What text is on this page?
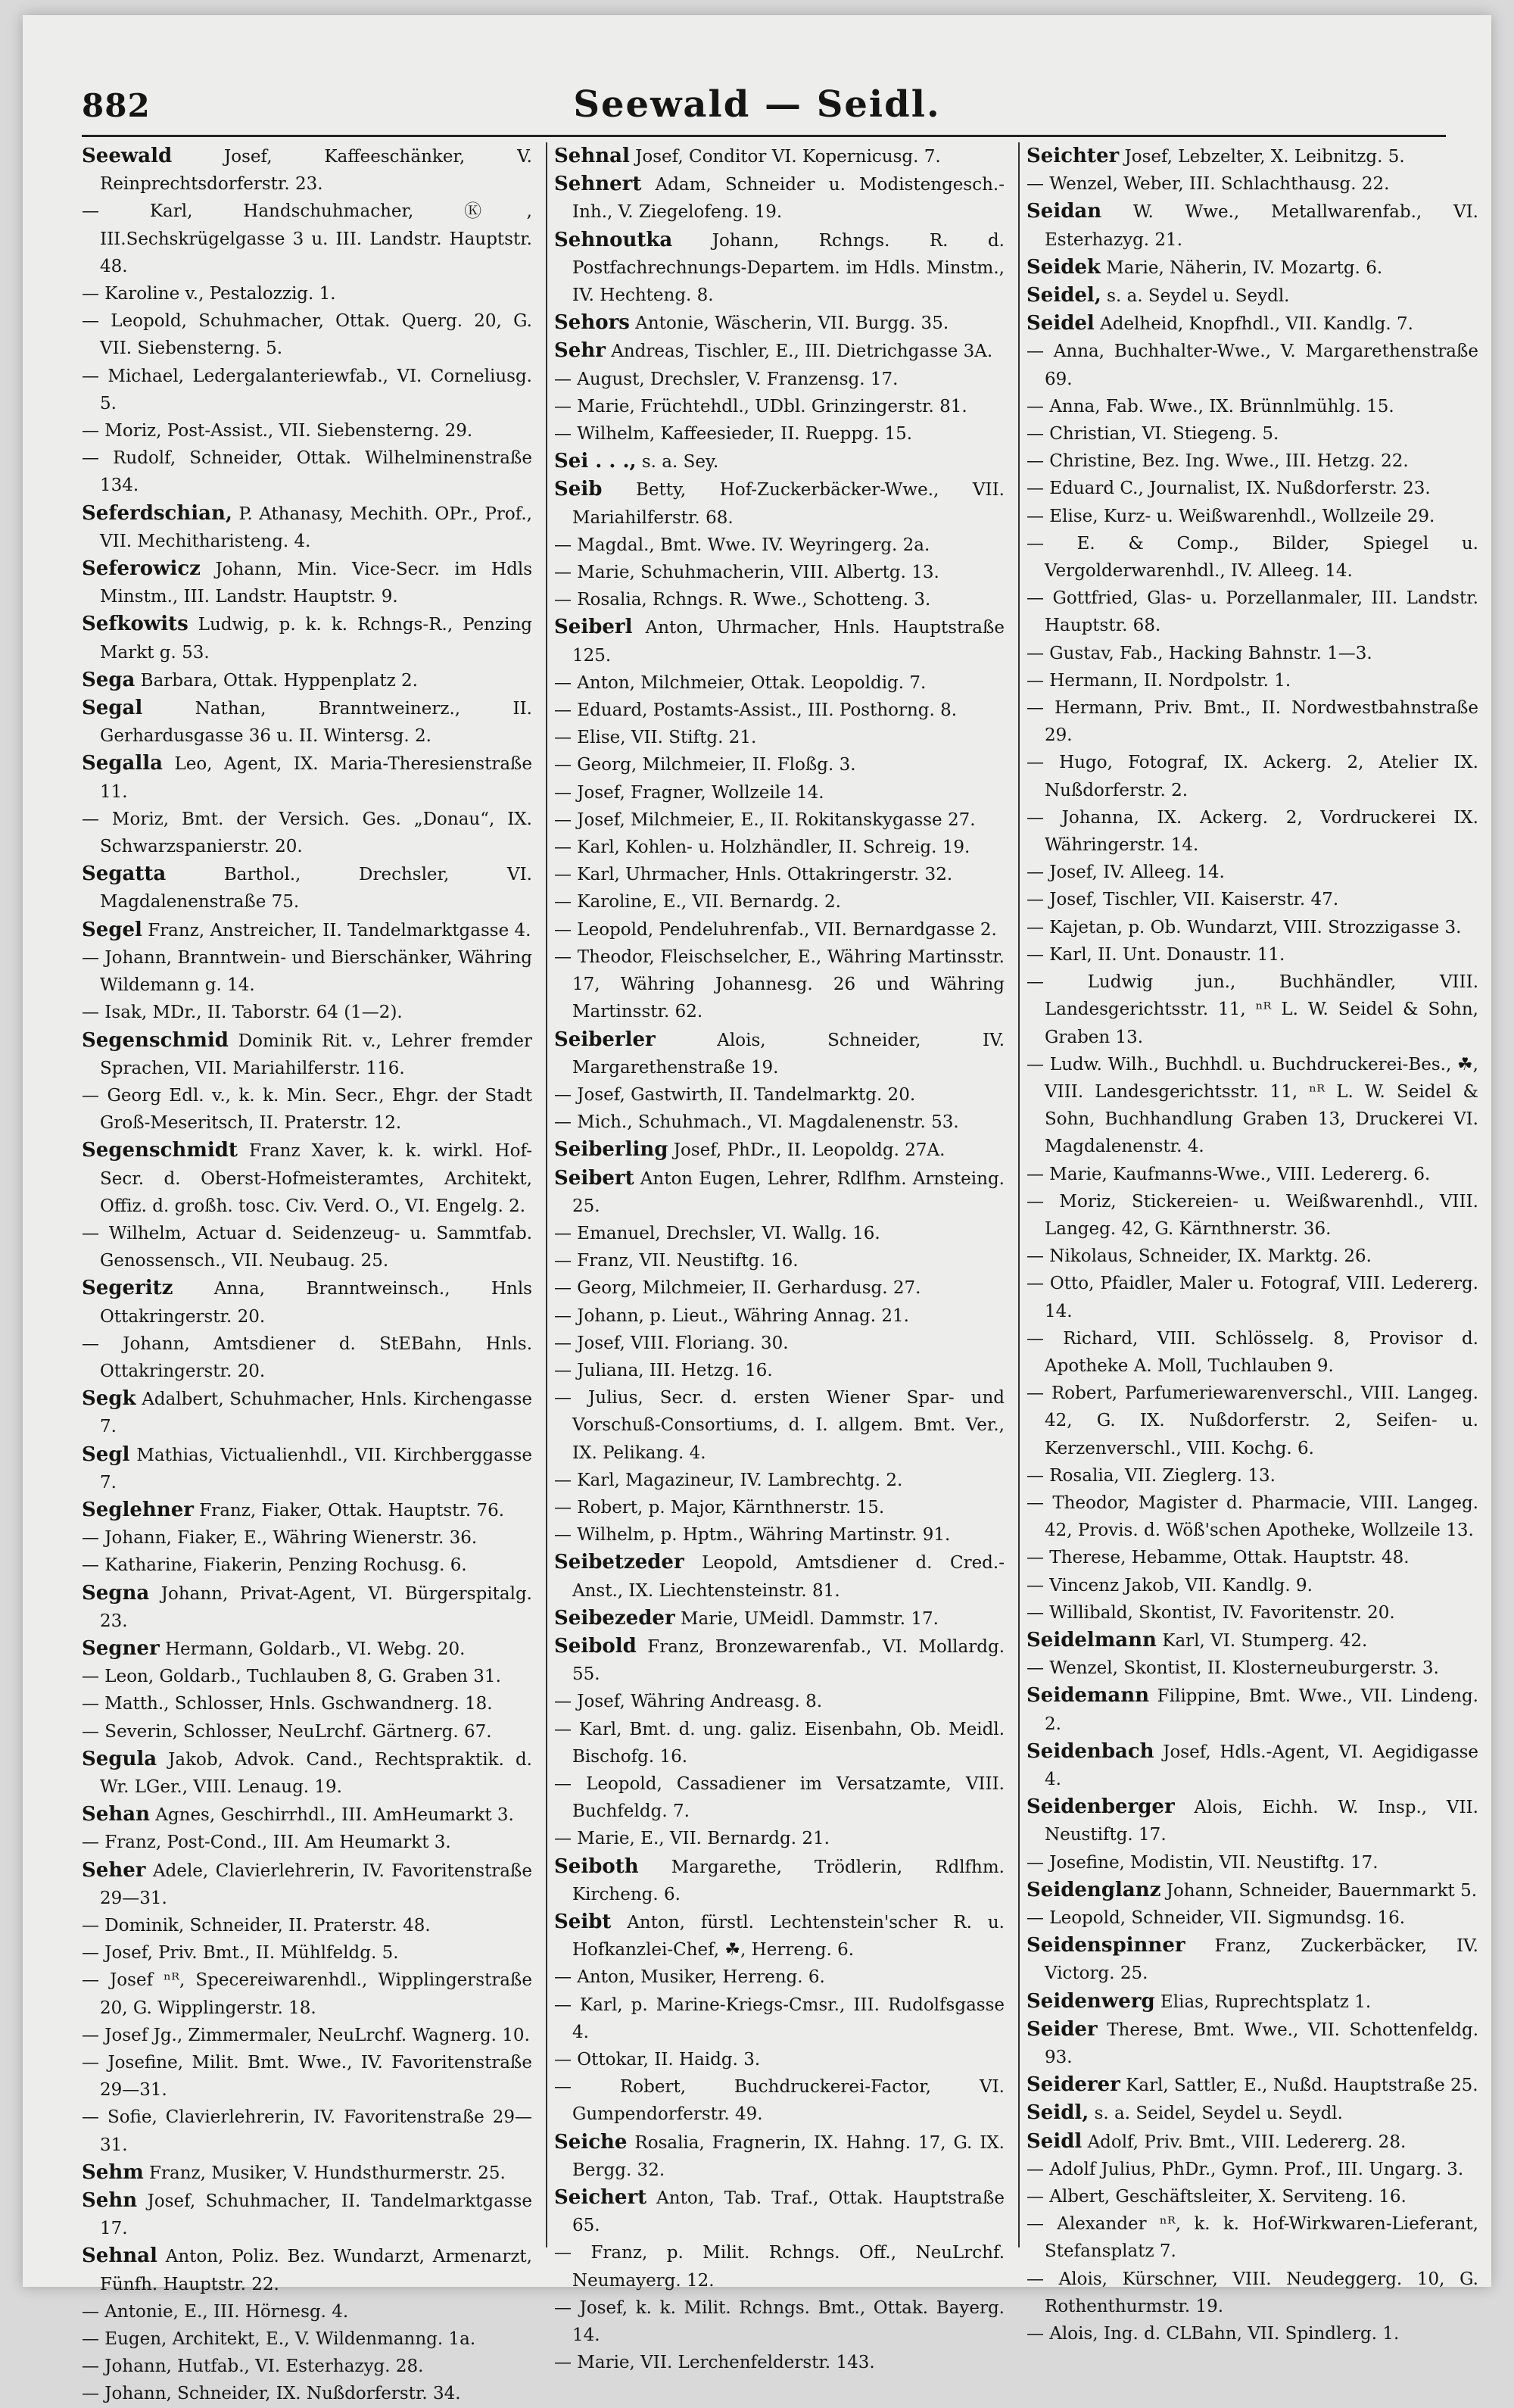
882	Seewald — Seidl.
Seewald Josef, Kaffeeschänker, V. Reinprechtsdorferstr. 23.
— Karl, Handschuhmacher, Ⓚ, III.Sechskrügelgasse 3 u. III. Landstr. Hauptstr. 48.
— Karoline v., Pestalozzig. 1.
— Leopold, Schuhmacher, Ottak. Querg. 20, G. VII. Siebensterng. 5.
— Michael, Ledergalanteriewfab., VI. Corneliusg. 5.
— Moriz, Post-Assist., VII. Siebensterng. 29.
— Rudolf, Schneider, Ottak. Wilhelminenstraße 134.
Seferdschian, P. Athanasy, Mechith. OPr., Prof., VII. Mechitharisteng. 4.
Seferowicz Johann, Min. Vice-Secr. im Hdls Minstm., III. Landstr. Hauptstr. 9.
Sefkowits Ludwig, p. k. k. Rchngs-R., Penzing Markt g. 53.
Sega Barbara, Ottak. Hyppenplatz 2.
Segal Nathan, Branntweinerz., II. Gerhardusgasse 36 u. II. Wintersg. 2.
Segalla Leo, Agent, IX. Maria-Theresienstraße 11.
— Moriz, Bmt. der Versich. Ges. „Donau“, IX. Schwarzspanierstr. 20.
Segatta Barthol., Drechsler, VI. Magdalenenstraße 75.
Segel Franz, Anstreicher, II. Tandelmarktgasse 4.
— Johann, Branntwein- und Bierschänker, Währing Wildemann g. 14.
— Isak, MDr., II. Taborstr. 64 (1—2).
Segenschmid Dominik Rit. v., Lehrer fremder Sprachen, VII. Mariahilferstr. 116.
— Georg Edl. v., k. k. Min. Secr., Ehgr. der Stadt Groß-Meseritsch, II. Praterstr. 12.
Segenschmidt Franz Xaver, k. k. wirkl. Hof-Secr. d. Oberst-Hofmeisteramtes, Architekt, Offiz. d. großh. tosc. Civ. Verd. O., VI. Engelg. 2.
— Wilhelm, Actuar d. Seidenzeug- u. Sammtfab. Genossensch., VII. Neubaug. 25.
Segeritz Anna, Branntweinsch., Hnls Ottakringerstr. 20.
— Johann, Amtsdiener d. StEBahn, Hnls. Ottakringerstr. 20.
Segk Adalbert, Schuhmacher, Hnls. Kirchengasse 7.
Segl Mathias, Victualienhdl., VII. Kirchberggasse 7.
Seglehner Franz, Fiaker, Ottak. Hauptstr. 76.
— Johann, Fiaker, E., Währing Wienerstr. 36.
— Katharine, Fiakerin, Penzing Rochusg. 6.
Segna Johann, Privat-Agent, VI. Bürgerspitalg. 23.
Segner Hermann, Goldarb., VI. Webg. 20.
— Leon, Goldarb., Tuchlauben 8, G. Graben 31.
— Matth., Schlosser, Hnls. Gschwandnerg. 18.
— Severin, Schlosser, NeuLrchf. Gärtnerg. 67.
Segula Jakob, Advok. Cand., Rechtspraktik. d. Wr. LGer., VIII. Lenaug. 19.
Sehan Agnes, Geschirrhdl., III. AmHeumarkt 3.
— Franz, Post-Cond., III. Am Heumarkt 3.
Seher Adele, Clavierlehrerin, IV. Favoritenstraße 29—31.
— Dominik, Schneider, II. Praterstr. 48.
— Josef, Priv. Bmt., II. Mühlfeldg. 5.
— Josef ⁿᴿ, Specereiwarenhdl., Wipplingerstraße 20, G. Wipplingerstr. 18.
— Josef Jg., Zimmermaler, NeuLrchf. Wagnerg. 10.
— Josefine, Milit. Bmt. Wwe., IV. Favoritenstraße 29—31.
— Sofie, Clavierlehrerin, IV. Favoritenstraße 29—31.
Sehm Franz, Musiker, V. Hundsthurmerstr. 25.
Sehn Josef, Schuhmacher, II. Tandelmarktgasse 17.
Sehnal Anton, Poliz. Bez. Wundarzt, Armenarzt, Fünfh. Hauptstr. 22.
— Antonie, E., III. Hörnesg. 4.
— Eugen, Architekt, E., V. Wildenmanng. 1a.
— Johann, Hutfab., VI. Esterhazyg. 28.
— Johann, Schneider, IX. Nußdorferstr. 34.
Sehnal Josef, Conditor VI. Kopernicusg. 7.
Sehnert Adam, Schneider u. Modistengesch.-Inh., V. Ziegelofeng. 19.
Sehnoutka Johann, Rchngs. R. d. Postfachrechnungs-Departem. im Hdls. Minstm., IV. Hechteng. 8.
Sehors Antonie, Wäscherin, VII. Burgg. 35.
Sehr Andreas, Tischler, E., III. Dietrichgasse 3A.
— August, Drechsler, V. Franzensg. 17.
— Marie, Früchtehdl., UDbl. Grinzingerstr. 81.
— Wilhelm, Kaffeesieder, II. Rueppg. 15.
Sei . . ., s. a. Sey.
Seib Betty, Hof-Zuckerbäcker-Wwe., VII. Mariahilferstr. 68.
— Magdal., Bmt. Wwe. IV. Weyringerg. 2a.
— Marie, Schuhmacherin, VIII. Albertg. 13.
— Rosalia, Rchngs. R. Wwe., Schotteng. 3.
Seiberl Anton, Uhrmacher, Hnls. Hauptstraße 125.
— Anton, Milchmeier, Ottak. Leopoldig. 7.
— Eduard, Postamts-Assist., III. Posthorng. 8.
— Elise, VII. Stiftg. 21.
— Georg, Milchmeier, II. Floßg. 3.
— Josef, Fragner, Wollzeile 14.
— Josef, Milchmeier, E., II. Rokitanskygasse 27.
— Karl, Kohlen- u. Holzhändler, II. Schreig. 19.
— Karl, Uhrmacher, Hnls. Ottakringerstr. 32.
— Karoline, E., VII. Bernardg. 2.
— Leopold, Pendeluhrenfab., VII. Bernardgasse 2.
— Theodor, Fleischselcher, E., Währing Martinsstr. 17, Währing Johannesg. 26 und Währing Martinsstr. 62.
Seiberler Alois, Schneider, IV. Margarethenstraße 19.
— Josef, Gastwirth, II. Tandelmarktg. 20.
— Mich., Schuhmach., VI. Magdalenenstr. 53.
Seiberling Josef, PhDr., II. Leopoldg. 27A.
Seibert Anton Eugen, Lehrer, Rdlfhm. Arnsteing. 25.
— Emanuel, Drechsler, VI. Wallg. 16.
— Franz, VII. Neustiftg. 16.
— Georg, Milchmeier, II. Gerhardusg. 27.
— Johann, p. Lieut., Währing Annag. 21.
— Josef, VIII. Floriang. 30.
— Juliana, III. Hetzg. 16.
— Julius, Secr. d. ersten Wiener Spar- und Vorschuß-Consortiums, d. I. allgem. Bmt. Ver., IX. Pelikang. 4.
— Karl, Magazineur, IV. Lambrechtg. 2.
— Robert, p. Major, Kärnthnerstr. 15.
— Wilhelm, p. Hptm., Währing Martinstr. 91.
Seibetzeder Leopold, Amtsdiener d. Cred.-Anst., IX. Liechtensteinstr. 81.
Seibezeder Marie, UMeidl. Dammstr. 17.
Seibold Franz, Bronzewarenfab., VI. Mollardg. 55.
— Josef, Währing Andreasg. 8.
— Karl, Bmt. d. ung. galiz. Eisenbahn, Ob. Meidl. Bischofg. 16.
— Leopold, Cassadiener im Versatzamte, VIII. Buchfeldg. 7.
— Marie, E., VII. Bernardg. 21.
Seiboth Margarethe, Trödlerin, Rdlfhm. Kircheng. 6.
Seibt Anton, fürstl. Lechtenstein'scher R. u. Hofkanzlei-Chef, ☘, Herreng. 6.
— Anton, Musiker, Herreng. 6.
— Karl, p. Marine-Kriegs-Cmsr., III. Rudolfsgasse 4.
— Ottokar, II. Haidg. 3.
— Robert, Buchdruckerei-Factor, VI. Gumpendorferstr. 49.
Seiche Rosalia, Fragnerin, IX. Hahng. 17, G. IX. Bergg. 32.
Seichert Anton, Tab. Traf., Ottak. Hauptstraße 65.
— Franz, p. Milit. Rchngs. Off., NeuLrchf. Neumayerg. 12.
— Josef, k. k. Milit. Rchngs. Bmt., Ottak. Bayerg. 14.
— Marie, VII. Lerchenfelderstr. 143.
Seichter Josef, Lebzelter, X. Leibnitzg. 5.
— Wenzel, Weber, III. Schlachthausg. 22.
Seidan W. Wwe., Metallwarenfab., VI. Esterhazyg. 21.
Seidek Marie, Näherin, IV. Mozartg. 6.
Seidel, s. a. Seydel u. Seydl.
Seidel Adelheid, Knopfhdl., VII. Kandlg. 7.
— Anna, Buchhalter-Wwe., V. Margarethenstraße 69.
— Anna, Fab. Wwe., IX. Brünnlmühlg. 15.
— Christian, VI. Stiegeng. 5.
— Christine, Bez. Ing. Wwe., III. Hetzg. 22.
— Eduard C., Journalist, IX. Nußdorferstr. 23.
— Elise, Kurz- u. Weißwarenhdl., Wollzeile 29.
— E. & Comp., Bilder, Spiegel u. Vergolderwarenhdl., IV. Alleeg. 14.
— Gottfried, Glas- u. Porzellanmaler, III. Landstr. Hauptstr. 68.
— Gustav, Fab., Hacking Bahnstr. 1—3.
— Hermann, II. Nordpolstr. 1.
— Hermann, Priv. Bmt., II. Nordwestbahnstraße 29.
— Hugo, Fotograf, IX. Ackerg. 2, Atelier IX. Nußdorferstr. 2.
— Johanna, IX. Ackerg. 2, Vordruckerei IX. Währingerstr. 14.
— Josef, IV. Alleeg. 14.
— Josef, Tischler, VII. Kaiserstr. 47.
— Kajetan, p. Ob. Wundarzt, VIII. Strozzigasse 3.
— Karl, II. Unt. Donaustr. 11.
— Ludwig jun., Buchhändler, VIII. Landesgerichtsstr. 11, ⁿᴿ L. W. Seidel & Sohn, Graben 13.
— Ludw. Wilh., Buchhdl. u. Buchdruckerei-Bes., ☘, VIII. Landesgerichtsstr. 11, ⁿᴿ L. W. Seidel & Sohn, Buchhandlung Graben 13, Druckerei VI. Magdalenenstr. 4.
— Marie, Kaufmanns-Wwe., VIII. Ledererg. 6.
— Moriz, Stickereien- u. Weißwarenhdl., VIII. Langeg. 42, G. Kärnthnerstr. 36.
— Nikolaus, Schneider, IX. Marktg. 26.
— Otto, Pfaidler, Maler u. Fotograf, VIII. Ledererg. 14.
— Richard, VIII. Schlösselg. 8, Provisor d. Apotheke A. Moll, Tuchlauben 9.
— Robert, Parfumeriewarenverschl., VIII. Langeg. 42, G. IX. Nußdorferstr. 2, Seifen- u. Kerzenverschl., VIII. Kochg. 6.
— Rosalia, VII. Zieglerg. 13.
— Theodor, Magister d. Pharmacie, VIII. Langeg. 42, Provis. d. Wöß'schen Apotheke, Wollzeile 13.
— Therese, Hebamme, Ottak. Hauptstr. 48.
— Vincenz Jakob, VII. Kandlg. 9.
— Willibald, Skontist, IV. Favoritenstr. 20.
Seidelmann Karl, VI. Stumperg. 42.
— Wenzel, Skontist, II. Klosterneuburgerstr. 3.
Seidemann Filippine, Bmt. Wwe., VII. Lindeng. 2.
Seidenbach Josef, Hdls.-Agent, VI. Aegidigasse 4.
Seidenberger Alois, Eichh. W. Insp., VII. Neustiftg. 17.
— Josefine, Modistin, VII. Neustiftg. 17.
Seidenglanz Johann, Schneider, Bauernmarkt 5.
— Leopold, Schneider, VII. Sigmundsg. 16.
Seidenspinner Franz, Zuckerbäcker, IV. Victorg. 25.
Seidenwerg Elias, Ruprechtsplatz 1.
Seider Therese, Bmt. Wwe., VII. Schottenfeldg. 93.
Seiderer Karl, Sattler, E., Nußd. Hauptstraße 25.
Seidl, s. a. Seidel, Seydel u. Seydl.
Seidl Adolf, Priv. Bmt., VIII. Ledererg. 28.
— Adolf Julius, PhDr., Gymn. Prof., III. Ungarg. 3.
— Albert, Geschäftsleiter, X. Serviteng. 16.
— Alexander ⁿᴿ, k. k. Hof-Wirkwaren-Lieferant, Stefansplatz 7.
— Alois, Kürschner, VIII. Neudeggerg. 10, G. Rothenthurmstr. 19.
— Alois, Ing. d. CLBahn, VII. Spindlerg. 1.
